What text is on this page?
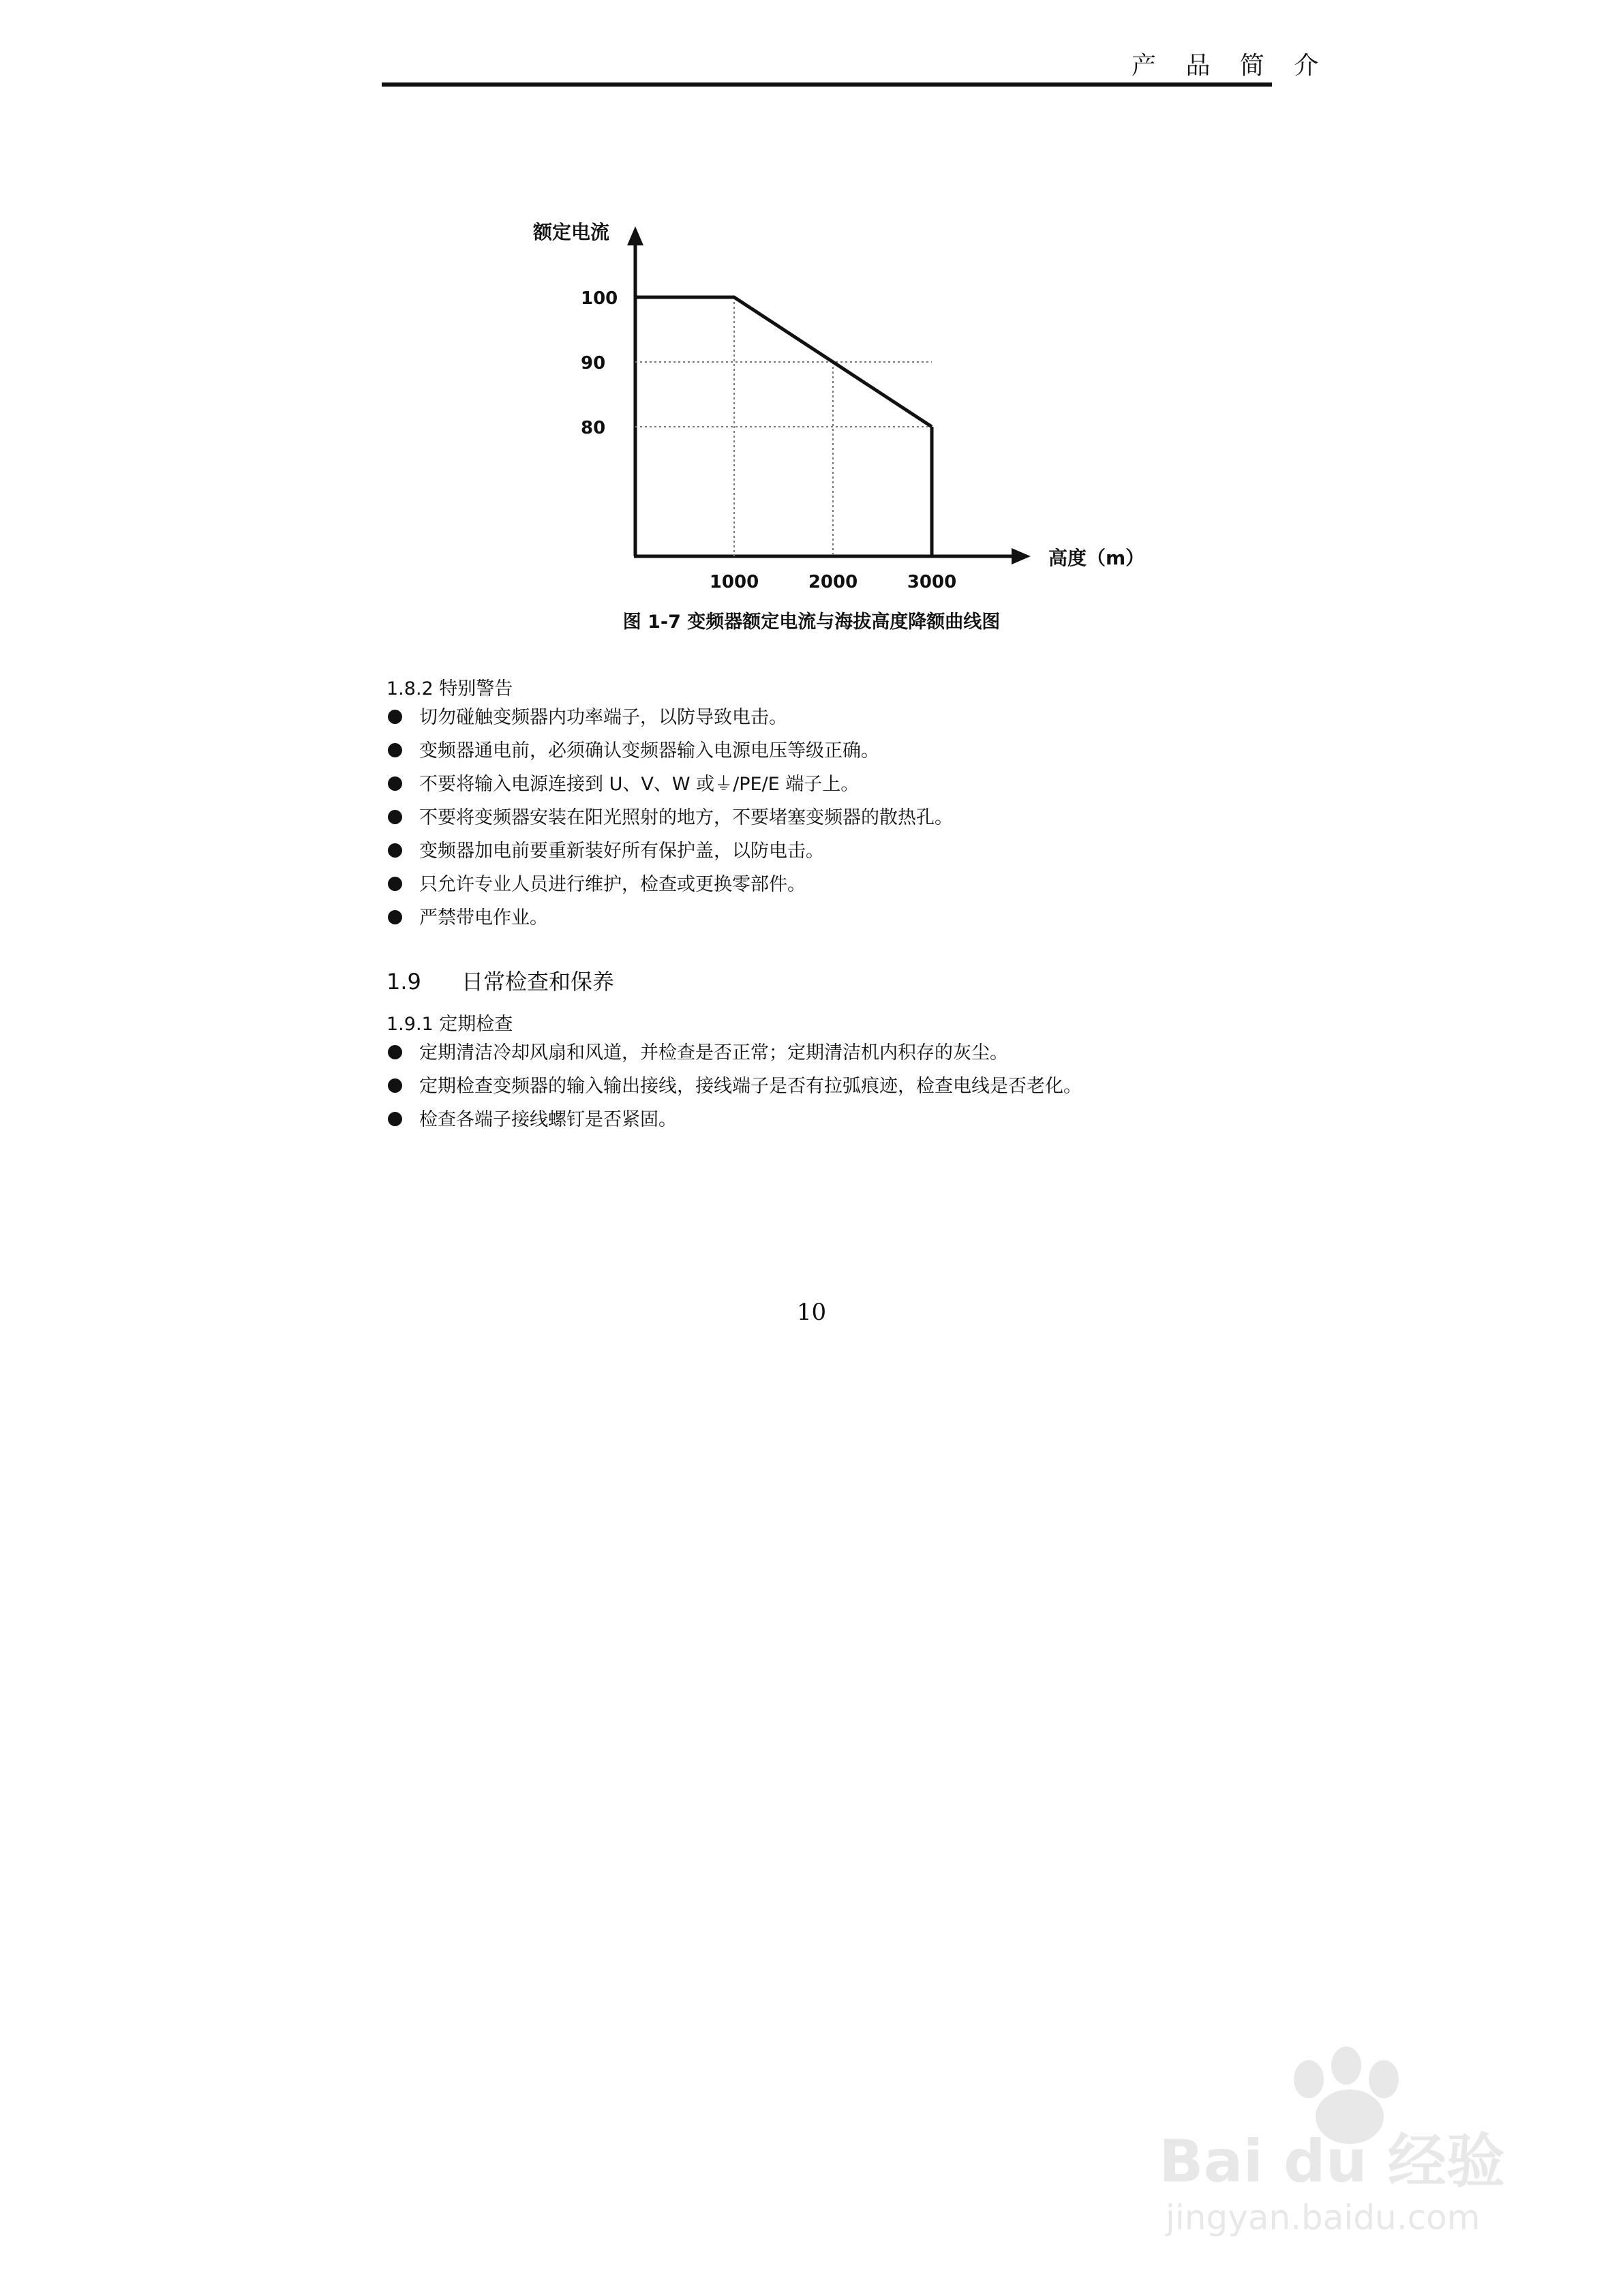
产 品 简 介
100
90
80
1000	2000	3000
额定电流
高度（m）
图 1-7 变频器额定电流与海拔高度降额曲线图
1.8.2 特别警告
切勿碰触变频器内功率端子，以防导致电击。
变频器通电前，必须确认变频器输入电源电压等级正确。
不要将输入电源连接到 U、V、W 或⏚/PE/E 端子上。
不要将变频器安装在阳光照射的地方，不要堵塞变频器的散热孔。
变频器加电前要重新装好所有保护盖，以防电击。
只允许专业人员进行维护，检查或更换零部件。
严禁带电作业。
1.9 日常检查和保养
1.9.1 定期检查
定期清洁冷却风扇和风道，并检查是否正常；定期清洁机内积存的灰尘。
定期检查变频器的输入输出接线，接线端子是否有拉弧痕迹，检查电线是否老化。
检查各端子接线螺钉是否紧固。
10
Bai du 经验
jingyan.baidu.com
